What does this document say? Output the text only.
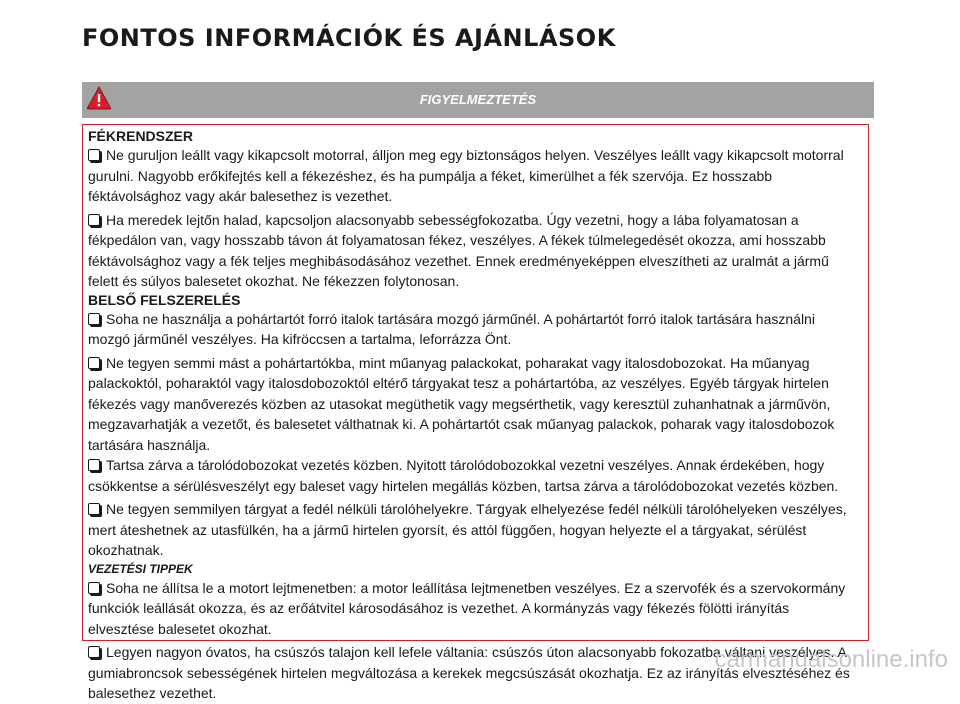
FONTOS INFORMÁCIÓK ÉS AJÁNLÁSOK
FIGYELMEZTETÉS
FÉKRENDSZER
Ne guruljon leállt vagy kikapcsolt motorral, álljon meg egy biztonságos helyen. Veszélyes leállt vagy kikapcsolt motorral gurulni. Nagyobb erőkifejtés kell a fékezéshez, és ha pumpálja a féket, kimerülhet a fék szervója. Ez hosszabb féktávolsághoz vagy akár balesethez is vezethet.
Ha meredek lejtőn halad, kapcsoljon alacsonyabb sebességfokozatba. Úgy vezetni, hogy a lába folyamatosan a fékpedálon van, vagy hosszabb távon át folyamatosan fékez, veszélyes. A fékek túlmelegedését okozza, ami hosszabb féktávolsághoz vagy a fék teljes meghibásodásához vezethet. Ennek eredményeképpen elveszítheti az uralmát a jármű felett és súlyos balesetet okozhat. Ne fékezzen folytonosan.
BELSŐ FELSZERELÉS
Soha ne használja a pohártartót forró italok tartására mozgó járműnél. A pohártartót forró italok tartására használni mozgó járműnél veszélyes. Ha kifröccsen a tartalma, leforrázza Önt.
Ne tegyen semmi mást a pohártartókba, mint műanyag palackokat, poharakat vagy italosdobozokat. Ha műanyag palackoktól, poharaktól vagy italosdobozoktól eltérő tárgyakat tesz a pohártartóba, az veszélyes. Egyéb tárgyak hirtelen fékezés vagy manőverezés közben az utasokat megüthetik vagy megsérthetik, vagy keresztül zuhanhatnak a járművön, megzavarhatják a vezetőt, és balesetet válthatnak ki. A pohártartót csak műanyag palackok, poharak vagy italosdobozok tartására használja.
Tartsa zárva a tárolódobozokat vezetés közben. Nyitott tárolódobozokkal vezetni veszélyes. Annak érdekében, hogy csökkentse a sérülésveszélyt egy baleset vagy hirtelen megállás közben, tartsa zárva a tárolódobozokat vezetés közben.
Ne tegyen semmilyen tárgyat a fedél nélküli tárolóhelyekre. Tárgyak elhelyezése fedél nélküli tárolóhelyeken veszélyes, mert áteshetnek az utasfülkén, ha a jármű hirtelen gyorsít, és attól függően, hogyan helyezte el a tárgyakat, sérülést okozhatnak.
VEZETÉSI TIPPEK
Soha ne állítsa le a motort lejtmenetben: a motor leállítása lejtmenetben veszélyes. Ez a szervofék és a szervokormány funkciók leállását okozza, és az erőátvitel károsodásához is vezethet. A kormányzás vagy fékezés fölötti irányítás elvesztése balesetet okozhat.
Legyen nagyon óvatos, ha csúszós talajon kell lefele váltania: csúszós úton alacsonyabb fokozatba váltani veszélyes. A gumiabroncsok sebességének hirtelen megváltozása a kerekek megcsúszását okozhatja. Ez az irányítás elvesztéséhez és balesethez vezethet.
carmanualsonline.info
